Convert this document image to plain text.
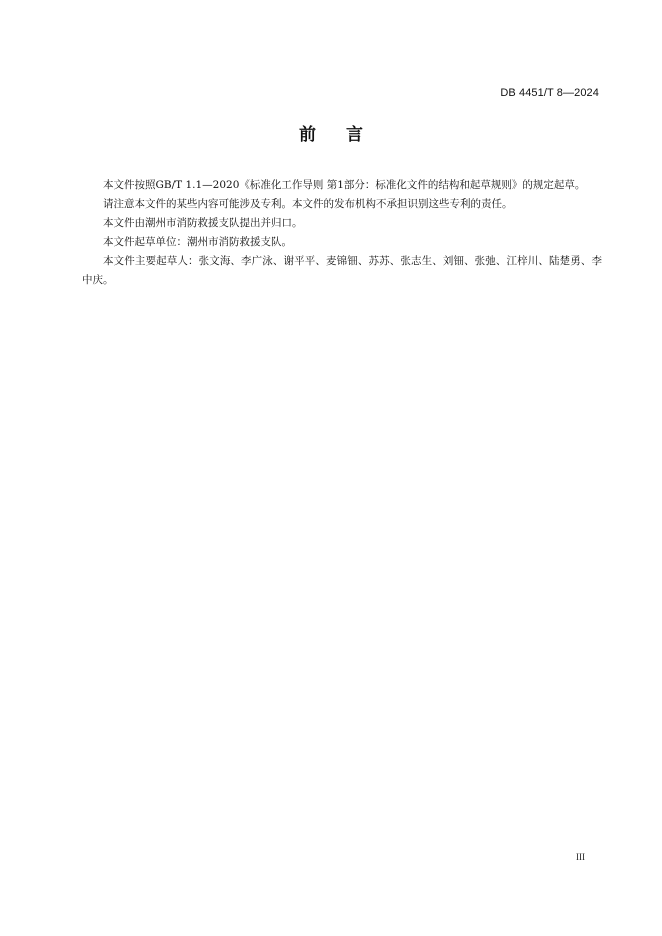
DB 4451/T 8—2024
前言

本文件按照GB/T 1.1—2020《标准化工作导则 第1部分：标准化文件的结构和起草规则》的规定起草。

请注意本文件的某些内容可能涉及专利。本文件的发布机构不承担识别这些专利的责任。

本文件由潮州市消防救援支队提出并归口。

本文件起草单位：潮州市消防救援支队。

本文件主要起草人：张文海、李广泳、谢平平、麦锦钿、苏苏、张志生、刘钿、张弛、江梓川、陆楚勇、李中庆。

III
